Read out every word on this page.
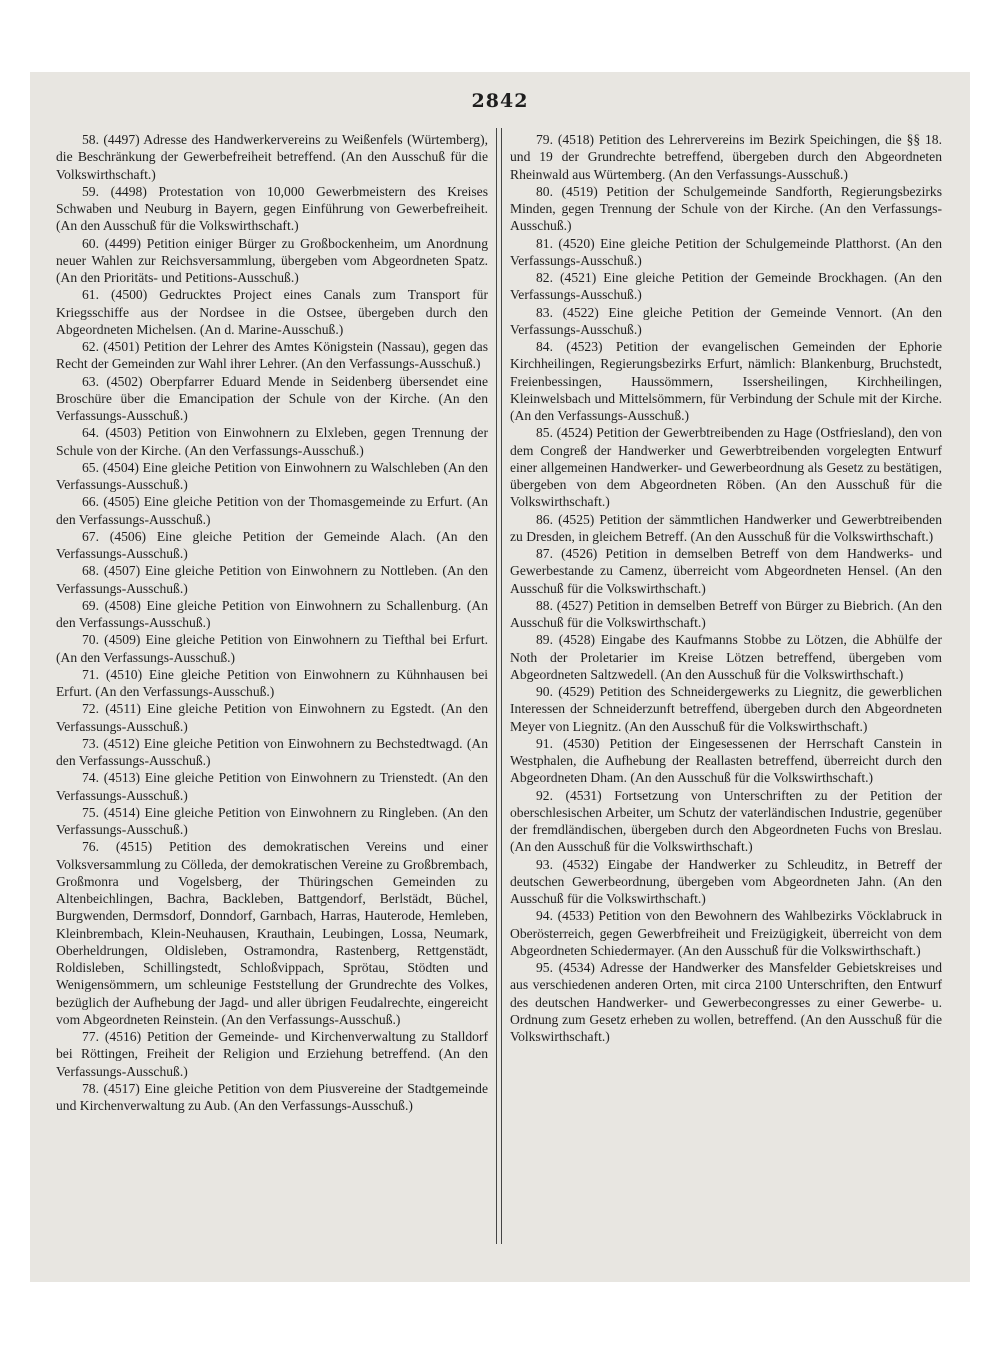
2842

58. (4497) Adresse des Handwerkervereins zu Weißenfels (Würtemberg), die Beschränkung der Gewerbefreiheit betreffend. (An den Ausschuß für die Volkswirthschaft.)

59. (4498) Protestation von 10,000 Gewerbmeistern des Kreises Schwaben und Neuburg in Bayern, gegen Einführung von Gewerbefreiheit. (An den Ausschuß für die Volkswirthschaft.)

60. (4499) Petition einiger Bürger zu Großbockenheim, um Anordnung neuer Wahlen zur Reichsversammlung, übergeben vom Abgeordneten Spatz. (An den Prioritäts- und Petitions-Ausschuß.)

61. (4500) Gedrucktes Project eines Canals zum Transport für Kriegsschiffe aus der Nordsee in die Ostsee, übergeben durch den Abgeordneten Michelsen. (An d. Marine-Ausschuß.)

62. (4501) Petition der Lehrer des Amtes Königstein (Nassau), gegen das Recht der Gemeinden zur Wahl ihrer Lehrer. (An den Verfassungs-Ausschuß.)

63. (4502) Oberpfarrer Eduard Mende in Seidenberg übersendet eine Broschüre über die Emancipation der Schule von der Kirche. (An den Verfassungs-Ausschuß.)

64. (4503) Petition von Einwohnern zu Elxleben, gegen Trennung der Schule von der Kirche. (An den Verfassungs-Ausschuß.)

65. (4504) Eine gleiche Petition von Einwohnern zu Walschleben (An den Verfassungs-Ausschuß.)

66. (4505) Eine gleiche Petition von der Thomasgemeinde zu Erfurt. (An den Verfassungs-Ausschuß.)

67. (4506) Eine gleiche Petition der Gemeinde Alach. (An den Verfassungs-Ausschuß.)

68. (4507) Eine gleiche Petition von Einwohnern zu Nottleben. (An den Verfassungs-Ausschuß.)

69. (4508) Eine gleiche Petition von Einwohnern zu Schallenburg. (An den Verfassungs-Ausschuß.)

70. (4509) Eine gleiche Petition von Einwohnern zu Tiefthal bei Erfurt. (An den Verfassungs-Ausschuß.)

71. (4510) Eine gleiche Petition von Einwohnern zu Kühnhausen bei Erfurt. (An den Verfassungs-Ausschuß.)

72. (4511) Eine gleiche Petition von Einwohnern zu Egstedt. (An den Verfassungs-Ausschuß.)

73. (4512) Eine gleiche Petition von Einwohnern zu Bechstedtwagd. (An den Verfassungs-Ausschuß.)

74. (4513) Eine gleiche Petition von Einwohnern zu Trienstedt. (An den Verfassungs-Ausschuß.)

75. (4514) Eine gleiche Petition von Einwohnern zu Ringleben. (An den Verfassungs-Ausschuß.)

76. (4515) Petition des demokratischen Vereins und einer Volksversammlung zu Cölleda, der demokratischen Vereine zu Großbrembach, Großmonra und Vogelsberg, der Thüringschen Gemeinden zu Altenbeichlingen, Bachra, Backleben, Battgendorf, Berlstädt, Büchel, Burgwenden, Dermsdorf, Donndorf, Garnbach, Harras, Hauterode, Hemleben, Kleinbrembach, Klein-Neuhausen, Krauthain, Leubingen, Lossa, Neumark, Oberheldrungen, Oldisleben, Ostramondra, Rastenberg, Rettgenstädt, Roldisleben, Schillingstedt, Schloßvippach, Sprötau, Stödten und Wenigensömmern, um schleunige Feststellung der Grundrechte des Volkes, bezüglich der Aufhebung der Jagd- und aller übrigen Feudalrechte, eingereicht vom Abgeordneten Reinstein. (An den Verfassungs-Ausschuß.)

77. (4516) Petition der Gemeinde- und Kirchenverwaltung zu Stalldorf bei Röttingen, Freiheit der Religion und Erziehung betreffend. (An den Verfassungs-Ausschuß.)

78. (4517) Eine gleiche Petition von dem Piusvereine der Stadtgemeinde und Kirchenverwaltung zu Aub. (An den Verfassungs-Ausschuß.)

79. (4518) Petition des Lehrervereins im Bezirk Speichingen, die §§ 18. und 19 der Grundrechte betreffend, übergeben durch den Abgeordneten Rheinwald aus Würtemberg. (An den Verfassungs-Ausschuß.)

80. (4519) Petition der Schulgemeinde Sandforth, Regierungsbezirks Minden, gegen Trennung der Schule von der Kirche. (An den Verfassungs-Ausschuß.)

81. (4520) Eine gleiche Petition der Schulgemeinde Platthorst. (An den Verfassungs-Ausschuß.)

82. (4521) Eine gleiche Petition der Gemeinde Brockhagen. (An den Verfassungs-Ausschuß.)

83. (4522) Eine gleiche Petition der Gemeinde Vennort. (An den Verfassungs-Ausschuß.)

84. (4523) Petition der evangelischen Gemeinden der Ephorie Kirchheilingen, Regierungsbezirks Erfurt, nämlich: Blankenburg, Bruchstedt, Freienbessingen, Haussömmern, Issersheilingen, Kirchheilingen, Kleinwelsbach und Mittelsömmern, für Verbindung der Schule mit der Kirche. (An den Verfassungs-Ausschuß.)

85. (4524) Petition der Gewerbtreibenden zu Hage (Ostfriesland), den von dem Congreß der Handwerker und Gewerbtreibenden vorgelegten Entwurf einer allgemeinen Handwerker- und Gewerbeordnung als Gesetz zu bestätigen, übergeben von dem Abgeordneten Röben. (An den Ausschuß für die Volkswirthschaft.)

86. (4525) Petition der sämmtlichen Handwerker und Gewerbtreibenden zu Dresden, in gleichem Betreff. (An den Ausschuß für die Volkswirthschaft.)

87. (4526) Petition in demselben Betreff von dem Handwerks- und Gewerbestande zu Camenz, überreicht vom Abgeordneten Hensel. (An den Ausschuß für die Volkswirthschaft.)

88. (4527) Petition in demselben Betreff von Bürger zu Biebrich. (An den Ausschuß für die Volkswirthschaft.)

89. (4528) Eingabe des Kaufmanns Stobbe zu Lötzen, die Abhülfe der Noth der Proletarier im Kreise Lötzen betreffend, übergeben vom Abgeordneten Saltzwedell. (An den Ausschuß für die Volkswirthschaft.)

90. (4529) Petition des Schneidergewerks zu Liegnitz, die gewerblichen Interessen der Schneiderzunft betreffend, übergeben durch den Abgeordneten Meyer von Liegnitz. (An den Ausschuß für die Volkswirthschaft.)

91. (4530) Petition der Eingesessenen der Herrschaft Canstein in Westphalen, die Aufhebung der Reallasten betreffend, überreicht durch den Abgeordneten Dham. (An den Ausschuß für die Volkswirthschaft.)

92. (4531) Fortsetzung von Unterschriften zu der Petition der oberschlesischen Arbeiter, um Schutz der vaterländischen Industrie, gegenüber der fremdländischen, übergeben durch den Abgeordneten Fuchs von Breslau. (An den Ausschuß für die Volkswirthschaft.)

93. (4532) Eingabe der Handwerker zu Schleuditz, in Betreff der deutschen Gewerbeordnung, übergeben vom Abgeordneten Jahn. (An den Ausschuß für die Volkswirthschaft.)

94. (4533) Petition von den Bewohnern des Wahlbezirks Vöcklabruck in Oberösterreich, gegen Gewerbfreiheit und Freizügigkeit, überreicht von dem Abgeordneten Schiedermayer. (An den Ausschuß für die Volkswirthschaft.)

95. (4534) Adresse der Handwerker des Mansfelder Gebietskreises und aus verschiedenen anderen Orten, mit circa 2100 Unterschriften, den Entwurf des deutschen Handwerker- und Gewerbecongresses zu einer Gewerbe- u. Ordnung zum Gesetz erheben zu wollen, betreffend. (An den Ausschuß für die Volkswirthschaft.)
